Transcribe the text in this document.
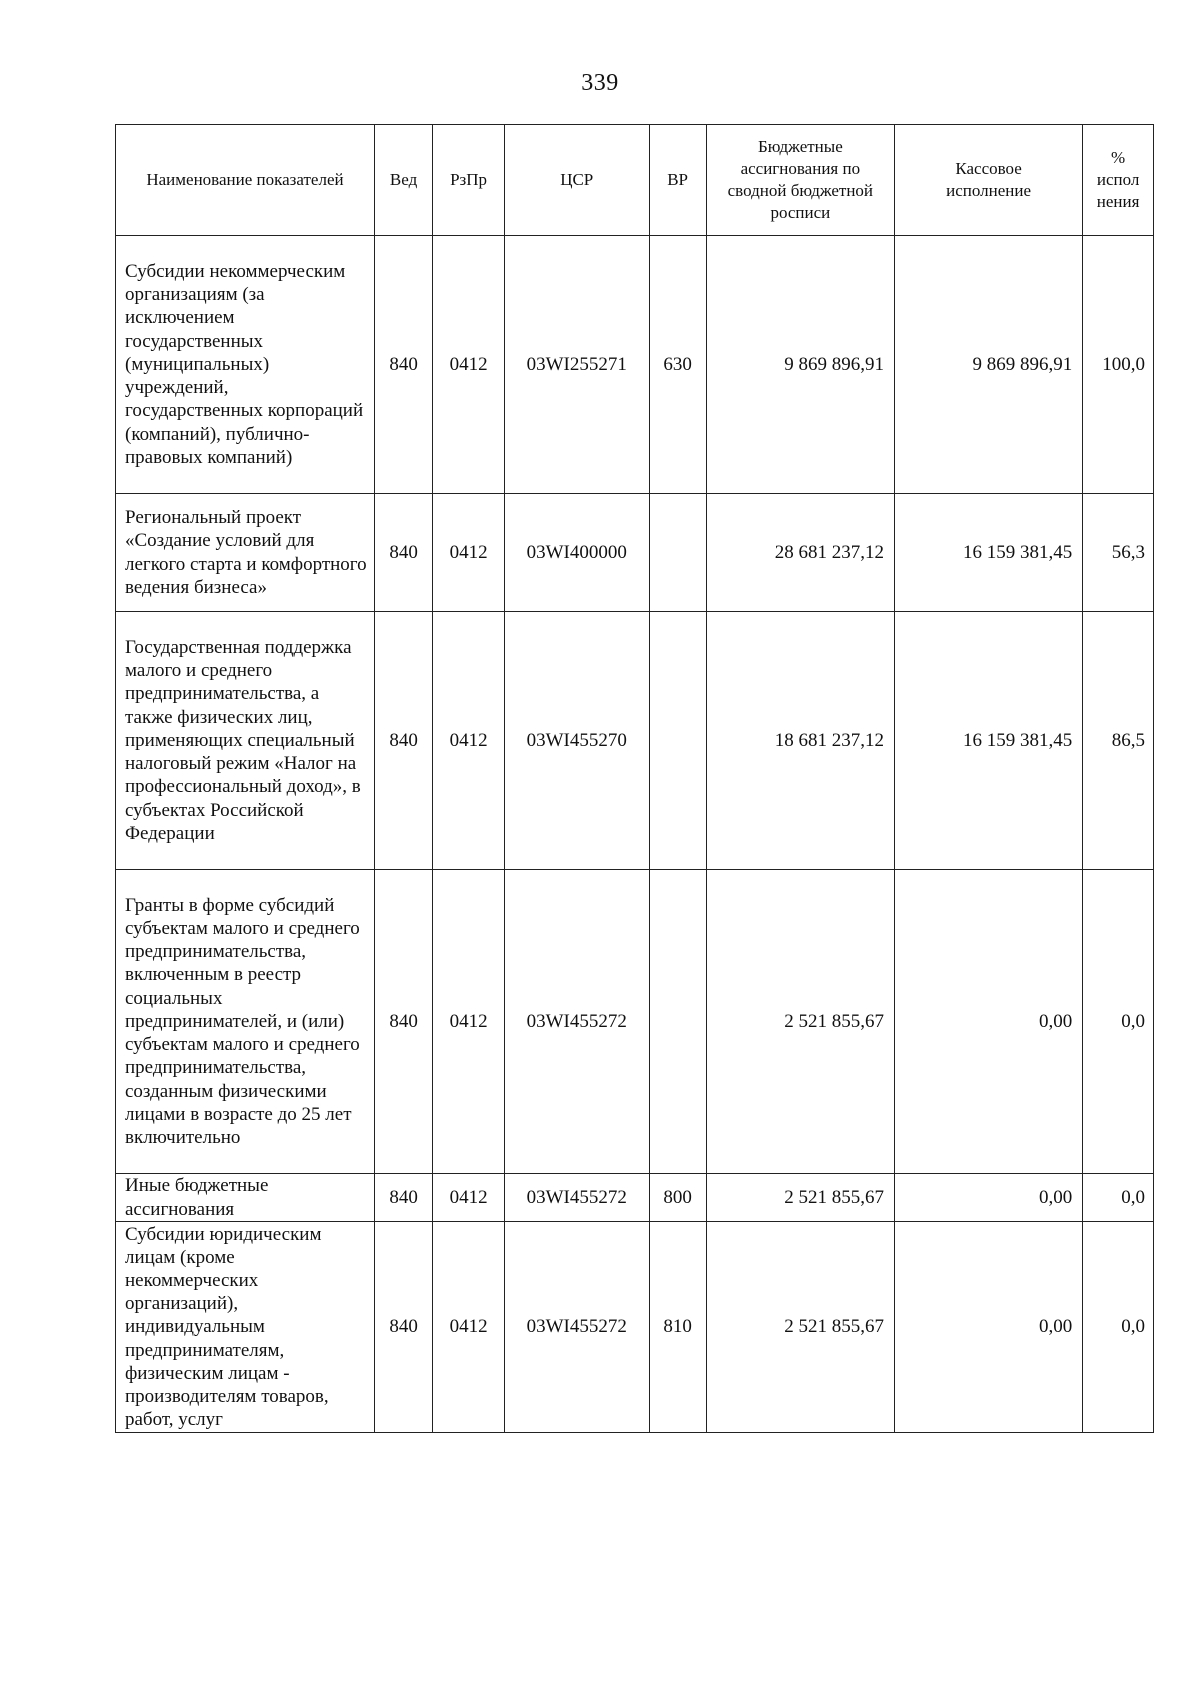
339
Наименование показателей	Вед	РзПр	ЦСР	ВР	Бюджетные ассигнования по сводной бюджетной росписи	Кассовое исполнение	% испол нения
Субсидии некоммерческим организациям (за исключением государственных (муниципальных) учреждений, государственных корпораций (компаний), публично-правовых компаний)	840	0412	03WI255271	630	9 869 896,91	9 869 896,91	100,0
Региональный проект «Создание условий для легкого старта и комфортного ведения бизнеса»	840	0412	03WI400000		28 681 237,12	16 159 381,45	56,3
Государственная поддержка малого и среднего предпринимательства, а также физических лиц, применяющих специальный налоговый режим «Налог на профессиональный доход», в субъектах Российской Федерации	840	0412	03WI455270		18 681 237,12	16 159 381,45	86,5
Гранты в форме субсидий субъектам малого и среднего предпринимательства, включенным в реестр социальных предпринимателей, и (или) субъектам малого и среднего предпринимательства, созданным физическими лицами в возрасте до 25 лет включительно	840	0412	03WI455272		2 521 855,67	0,00	0,0
Иные бюджетные ассигнования	840	0412	03WI455272	800	2 521 855,67	0,00	0,0
Субсидии юридическим лицам (кроме некоммерческих организаций), индивидуальным предпринимателям, физическим лицам - производителям товаров, работ, услуг	840	0412	03WI455272	810	2 521 855,67	0,00	0,0
